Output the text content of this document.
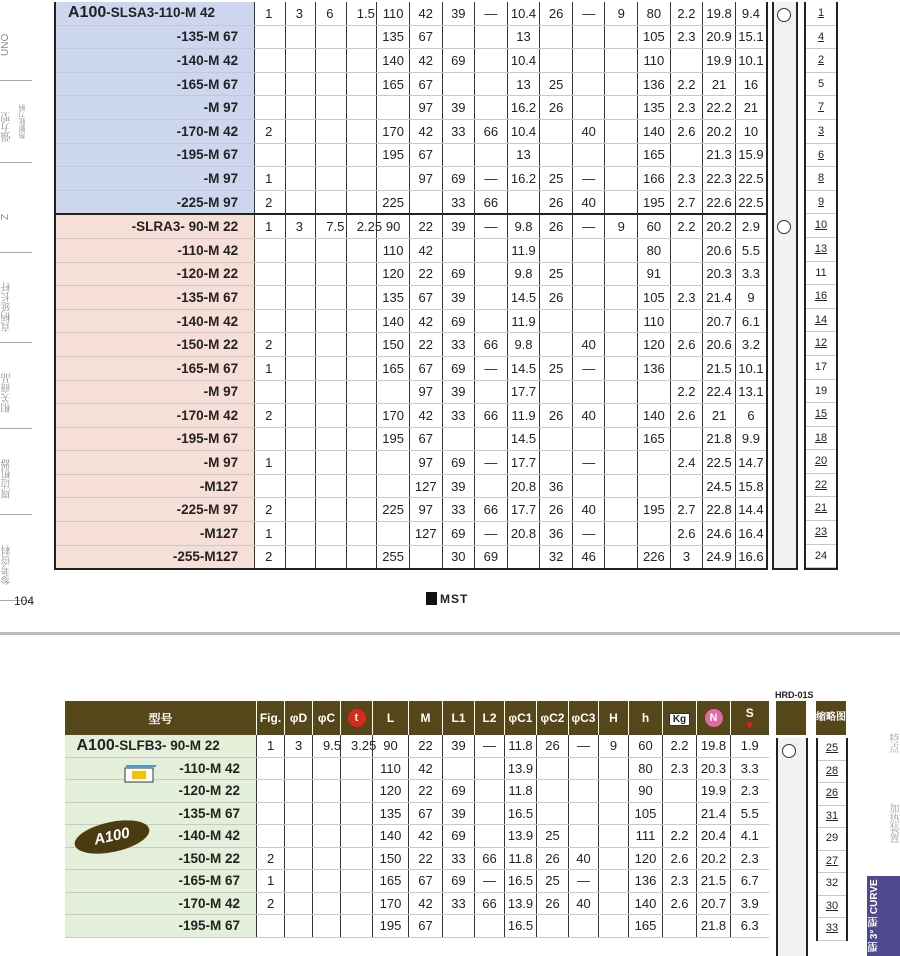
UNO
强力型
Z
直柄延长杆
相关商品
周边机器
参考资料
热膨胀刀柄
A100-SLSA3-110-M 42	1	3	6	1.5	110	42	39	—	10.4	26	—	9	80	2.2	19.8	9.4
-135-M 67					135	67			13				105	2.3	20.9	15.1
-140-M 42					140	42	69		10.4				110		19.9	10.1
-165-M 67					165	67			13	25			136	2.2	21	16
-M 97						97	39		16.2	26			135	2.3	22.2	21
-170-M 42	2				170	42	33	66	10.4		40		140	2.6	20.2	10
-195-M 67					195	67			13				165		21.3	15.9
-M 97	1					97	69	—	16.2	25	—		166	2.3	22.3	22.5
-225-M 97	2				225		33	66		26	40		195	2.7	22.6	22.5
-SLRA3- 90-M 22	1	3	7.5	2.25	90	22	39	—	9.8	26	—	9	60	2.2	20.2	2.9
-110-M 42					110	42			11.9				80		20.6	5.5
-120-M 22					120	22	69		9.8	25			91		20.3	3.3
-135-M 67					135	67	39		14.5	26			105	2.3	21.4	9
-140-M 42					140	42	69		11.9				110		20.7	6.1
-150-M 22	2				150	22	33	66	9.8		40		120	2.6	20.6	3.2
-165-M 67	1				165	67	69	—	14.5	25	—		136		21.5	10.1
-M 97						97	39		17.7					2.2	22.4	13.1
-170-M 42	2				170	42	33	66	11.9	26	40		140	2.6	21	6
-195-M 67					195	67			14.5				165		21.8	9.9
-M 97	1					97	69	—	17.7		—			2.4	22.5	14.7
-M127						127	39		20.8	36					24.5	15.8
-225-M 97	2				225	97	33	66	17.7	26	40		195	2.7	22.8	14.4
-M127	1					127	69	—	20.8	36	—			2.6	24.6	16.4
-255-M127	2				255		30	69		32	46		226	3	24.9	16.6
1
4
2
5
7
3
6
8
9
10
13
11
16
14
12
17
19
15
18
20
22
21
23
24
104	MST
HRD-01S
型号	Fig.	φD	φC	t	L	M	L1	L2	φC1	φC2	φC3	H	h	Kg	N	S
▼

A100-SLFB3- 90-M 22	1	3	9.5	3.25	90	22	39	—	11.8	26	—	9	60	2.2	19.8	1.9
-110-M 42					110	42			13.9				80	2.3	20.3	3.3
-120-M 22					120	22	69		11.8				90		19.9	2.3
-135-M 67					135	67	39		16.5				105		21.4	5.5
-140-M 42					140	42	69		13.9	25			111	2.2	20.4	4.1
-150-M 22	2				150	22	33	66	11.8	26	40		120	2.6	20.2	2.3
-165-M 67	1				165	67	69	—	16.5	25	—		136	2.3	21.5	6.7
-170-M 42	2				170	42	33	66	13.9	26	40		140	2.6	20.7	3.9
-195-M 67					195	67			16.5				165		21.8	6.3
缩略图
25
28
26
31
29
27
32
30
33
A100
特点
加热装置
型 3° 型 CURVE
